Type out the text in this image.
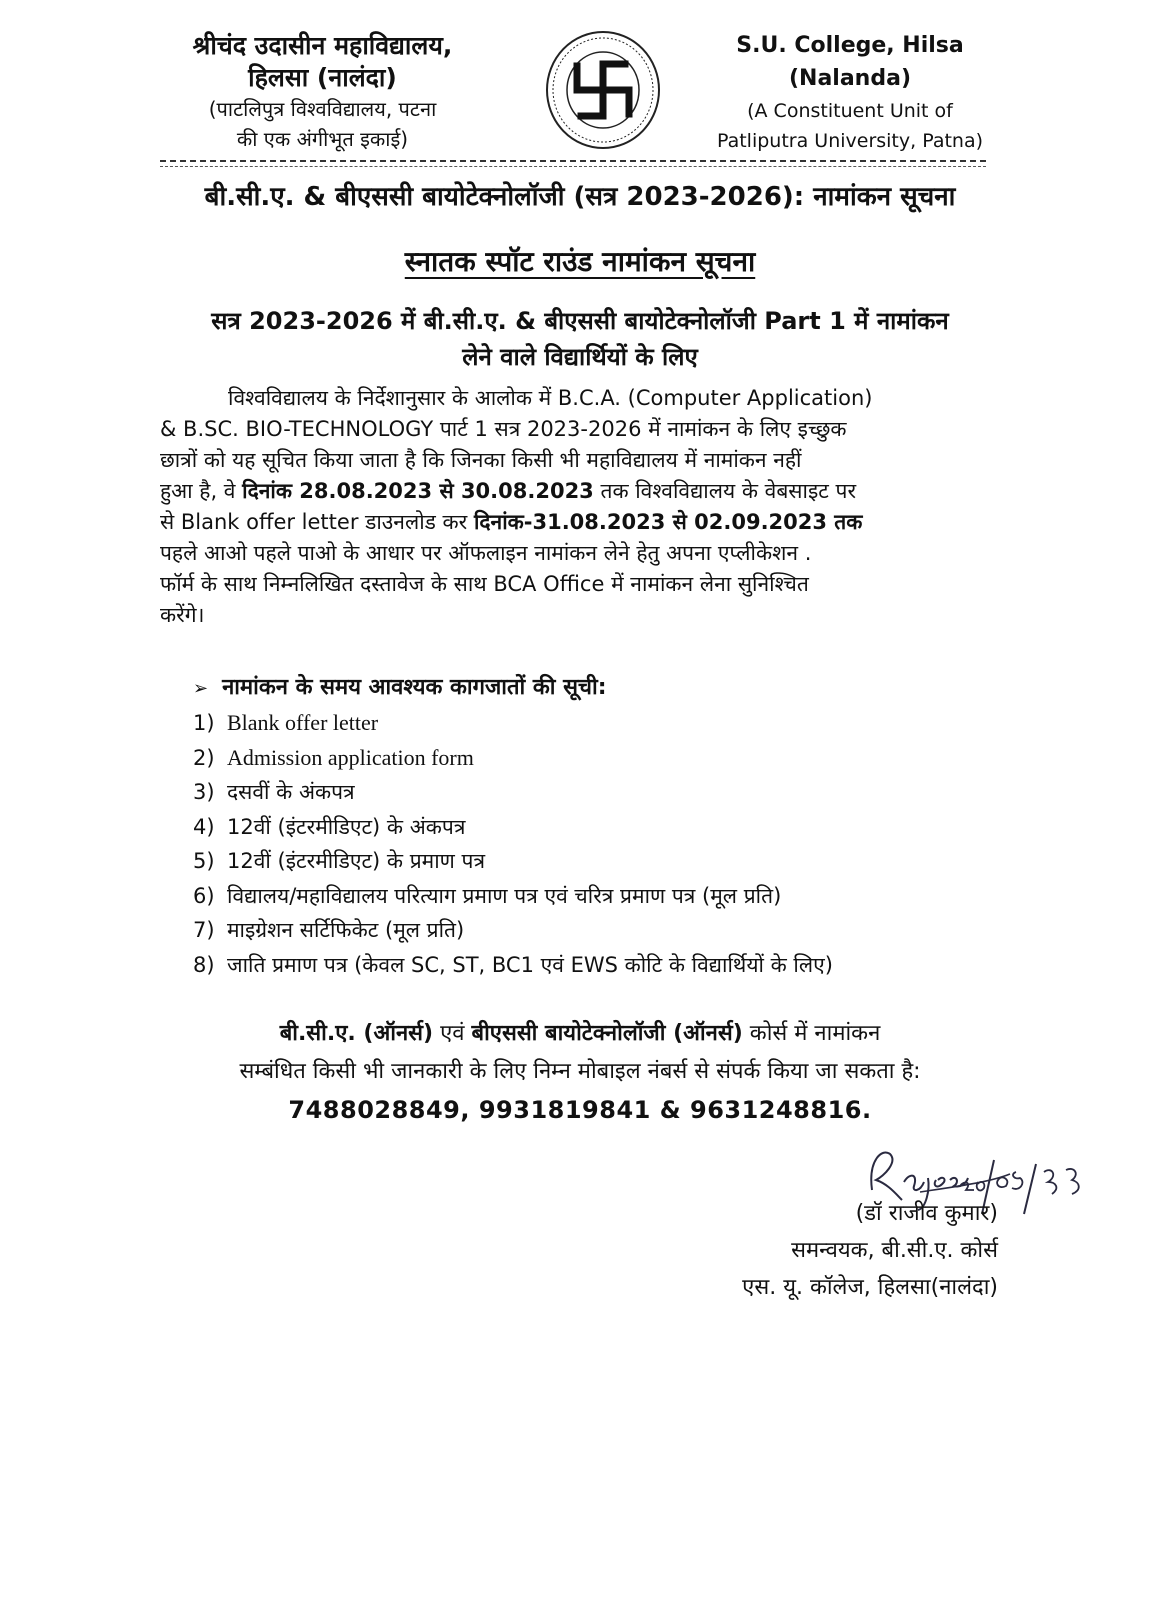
श्रीचंद उदासीन महाविद्यालय,
हिलसा (नालंदा)
(पाटलिपुत्र विश्वविद्यालय, पटना
की एक अंगीभूत इकाई)
S.U. College, Hilsa
(Nalanda)
(A Constituent Unit of
Patliputra University, Patna)
बी.सी.ए. & बीएससी बायोटेक्नोलॉजी (सत्र 2023-2026): नामांकन सूचना
स्नातक स्पॉट राउंड नामांकन सूचना
सत्र 2023-2026 में बी.सी.ए. & बीएससी बायोटेक्नोलॉजी Part 1 में नामांकन
लेने वाले विद्यार्थियों के लिए
विश्वविद्यालय के निर्देशानुसार के आलोक में B.C.A. (Computer Application)
& B.SC. BIO-TECHNOLOGY पार्ट 1 सत्र 2023-2026 में नामांकन के लिए इच्छुक
छात्रों को यह सूचित किया जाता है कि जिनका किसी भी महाविद्यालय में नामांकन नहीं
हुआ है, वे दिनांक 28.08.2023 से 30.08.2023 तक विश्वविद्यालय के वेबसाइट पर
से Blank offer letter डाउनलोड कर दिनांक-31.08.2023 से 02.09.2023 तक
पहले आओ पहले पाओ के आधार पर ऑफलाइन नामांकन लेने हेतु अपना एप्लीकेशन .
फॉर्म के साथ निम्नलिखित दस्तावेज के साथ BCA Office में नामांकन लेना सुनिश्चित
करेंगे।
➢ नामांकन के समय आवश्यक कागजातों की सूची:
1) Blank offer letter
2) Admission application form
3) दसवीं के अंकपत्र
4) 12वीं (इंटरमीडिएट) के अंकपत्र
5) 12वीं (इंटरमीडिएट) के प्रमाण पत्र
6) विद्यालय/महाविद्यालय परित्याग प्रमाण पत्र एवं चरित्र प्रमाण पत्र (मूल प्रति)
7) माइग्रेशन सर्टिफिकेट (मूल प्रति)
8) जाति प्रमाण पत्र (केवल SC, ST, BC1 एवं EWS कोटि के विद्यार्थियों के लिए)
बी.सी.ए. (ऑनर्स) एवं बीएससी बायोटेक्नोलॉजी (ऑनर्स) कोर्स में नामांकन
सम्बंधित किसी भी जानकारी के लिए निम्न मोबाइल नंबर्स से संपर्क किया जा सकता है:
7488028849, 9931819841 & 9631248816.
(डॉ राजीव कुमार)
समन्वयक, बी.सी.ए. कोर्स
एस. यू. कॉलेज, हिलसा(नालंदा)
